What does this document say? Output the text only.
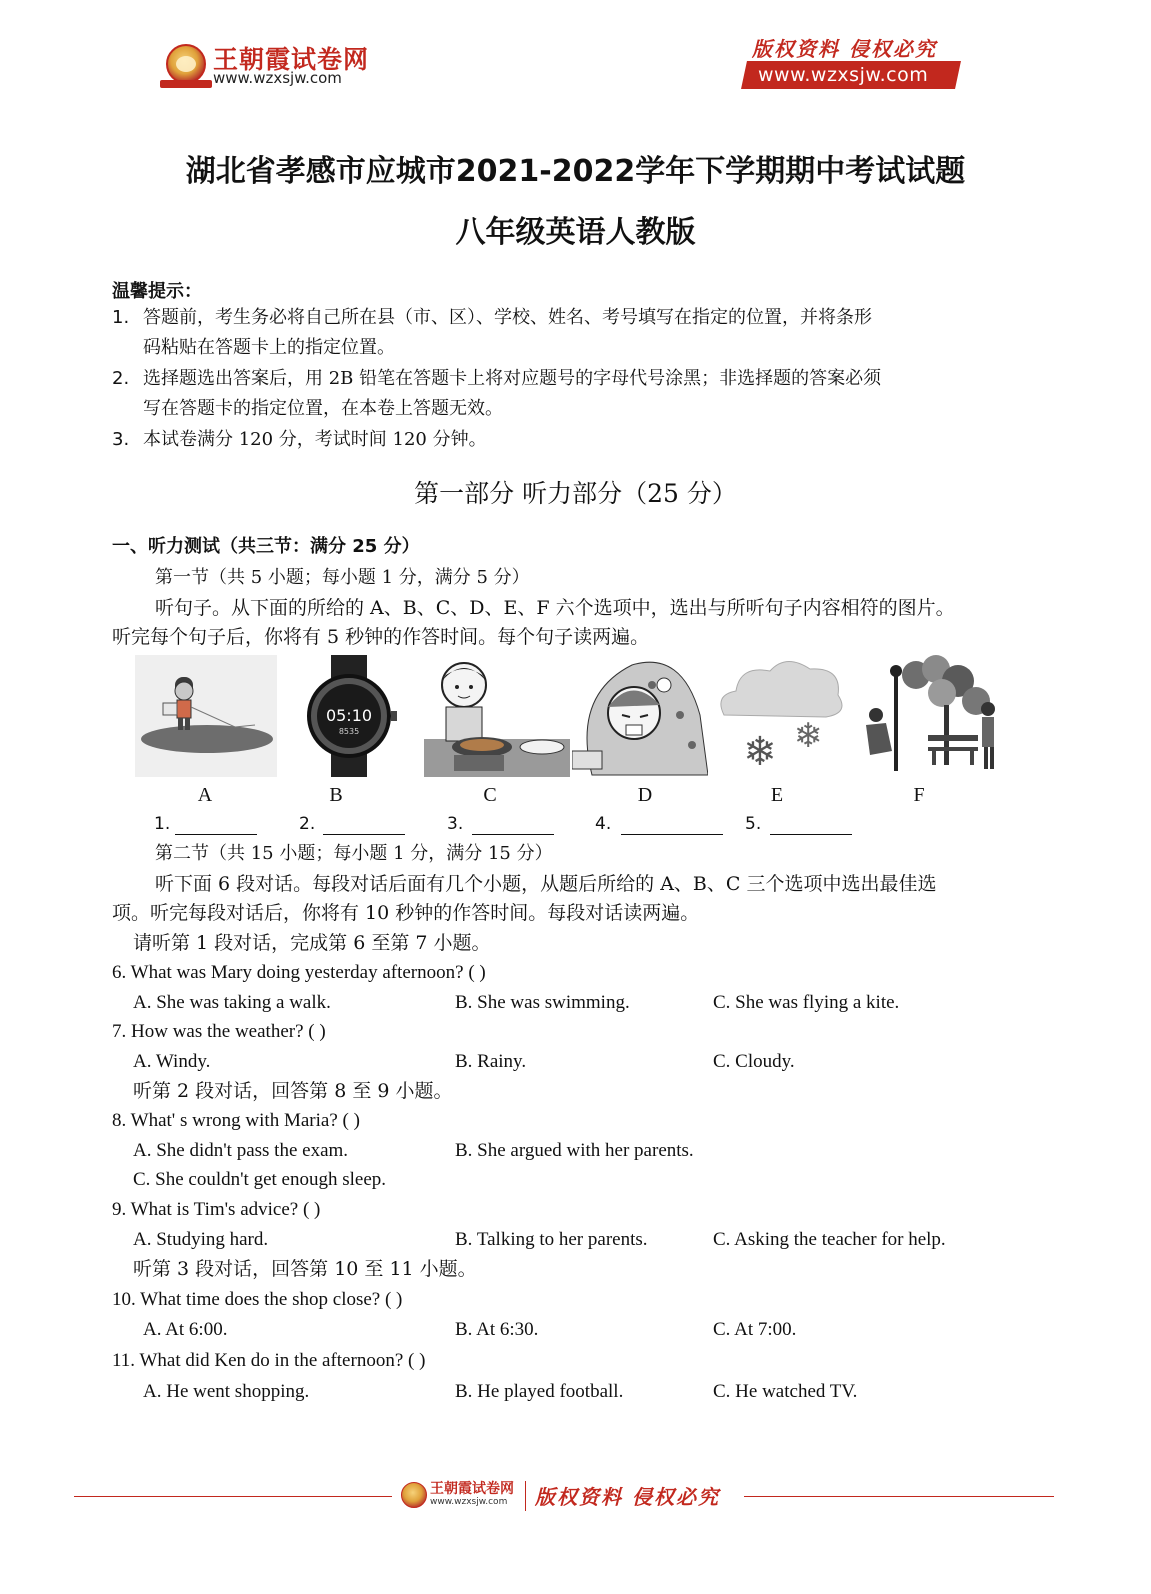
王朝霞试卷网
www.wzxsjw.com
版权资料 侵权必究
www.wzxsjw.com
湖北省孝感市应城市2021-2022学年下学期期中考试试题
八年级英语人教版
温馨提示：
1. 答题前，考生务必将自己所在县（市、区）、学校、姓名、考号填写在指定的位置，并将条形
码粘贴在答题卡上的指定位置。
2. 选择题选出答案后，用 2B 铅笔在答题卡上将对应题号的字母代号涂黑；非选择题的答案必须
写在答题卡的指定位置，在本卷上答题无效。
3. 本试卷满分 120 分，考试时间 120 分钟。
第一部分 听力部分（25 分）
一、听力测试（共三节：满分 25 分）
第一节（共 5 小题；每小题 1 分，满分 5 分）
听句子。从下面的所给的 A、B、C、D、E、F 六个选项中，选出与所听句子内容相符的图片。
听完每个句子后，你将有 5 秒钟的作答时间。每个句子读两遍。
05:10
8535	❄ ❄
A	B	C	D	E	F
1.	2.	3.	4.	5.
第二节（共 15 小题；每小题 1 分，满分 15 分）
听下面 6 段对话。每段对话后面有几个小题，从题后所给的 A、B、C 三个选项中选出最佳选
项。听完每段对话后，你将有 10 秒钟的作答时间。每段对话读两遍。
请听第 1 段对话，完成第 6 至第 7 小题。
6. What was Mary doing yesterday afternoon? ( )
A. She was taking a walk.	B. She was swimming.	C. She was flying a kite.
7. How was the weather? ( )
A. Windy.	B. Rainy.	C. Cloudy.
听第 2 段对话，回答第 8 至 9 小题。
8. What' s wrong with Maria? ( )
A. She didn't pass the exam.	B. She argued with her parents.
C. She couldn't get enough sleep.
9. What is Tim's advice? ( )
A. Studying hard.	B. Talking to her parents.	C. Asking the teacher for help.
听第 3 段对话，回答第 10 至 11 小题。
10. What time does the shop close? ( )
A. At 6:00.	B. At 6:30.	C. At 7:00.
11. What did Ken do in the afternoon? ( )
A. He went shopping.	B. He played football.	C. He watched TV.
王朝霞试卷网
www.wzxsjw.com 版权资料 侵权必究
